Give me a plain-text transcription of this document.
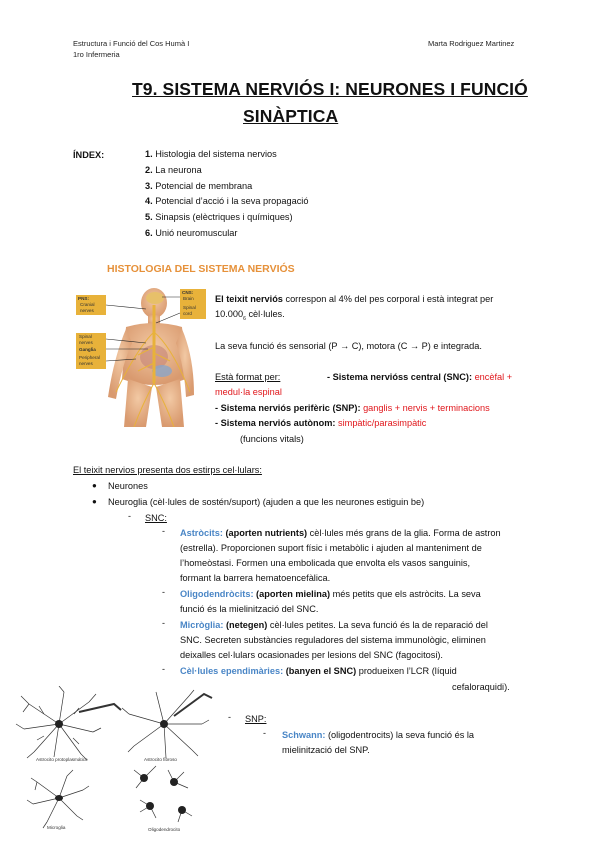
Estructura i Funció del Cos Humà I
1ro Infermeria
Marta Rodriguez Martinez
T9. SISTEMA NERVIÓS I: NEURONES I FUNCIÓ
SINÀPTICA
ÍNDEX:	1. Histologia del sistema nervios
2. La neurona
3. Potencial de membrana
4. Potencial d’acció i la seva propagació
5. Sinapsis (elèctriques i químiques)
6. Unió neuromuscular
HISTOLOGIA DEL SISTEMA NERVIÓS
PNS:
Cranial
nerves
CNS:
Brain
Spinal
cord
Spinal
nerves
Ganglia
Peripheral
nerves
El teixit nerviós correspon al 4% del pes corporal i està integrat per
$10.000_6$ cèl·lules.
La seva funció és sensorial (P → C), motora (C → P) e integrada.
Està format per:	- Sistema nervióss central (SNC): encèfal +
medul·la espinal
- Sistema nerviós perifèric (SNP): ganglis + nervis + terminacions
- Sistema nerviós autònom: simpàtic/parasimpàtic
(funcions vitals)
El teixit nervios presenta dos estirps cel·lulars:
● Neurones
● Neuroglia (cèl·lules de sostén/suport) (ajuden a que les neurones estiguin be)
- SNC:
- Astròcits: (aporten nutrients) cèl·lules més grans de la glia. Forma de astron
(estrella). Proporcionen suport físic i metabòlic i ajuden al manteniment de
l’homeòstasi. Formen una embolicada que envolta els vasos sanguinis,
formant la barrera hematoencefàlica.
- Oligodendròcits: (aporten mielina) més petits que els astròcits. La seva
funció és la mielinització del SNC.
- Micròglia: (netegen) cèl·lules petites. La seva funció és la de reparació del
SNC. Secreten substàncies reguladores del sistema immunològic, eliminen
deixalles cel·lulars ocasionades per lesions del SNC (fagocitosi).
- Cèl·lules ependimàries: (banyen el SNC) produeixen l’LCR (líquid
cefaloraquidi).
- SNP:
- Schwann: (oligodentrocits) la seva funció és la
mielinització del SNP.
Astrocito protoplasmático	Astrocito fibroso
Microglia	Oligodendrocito
